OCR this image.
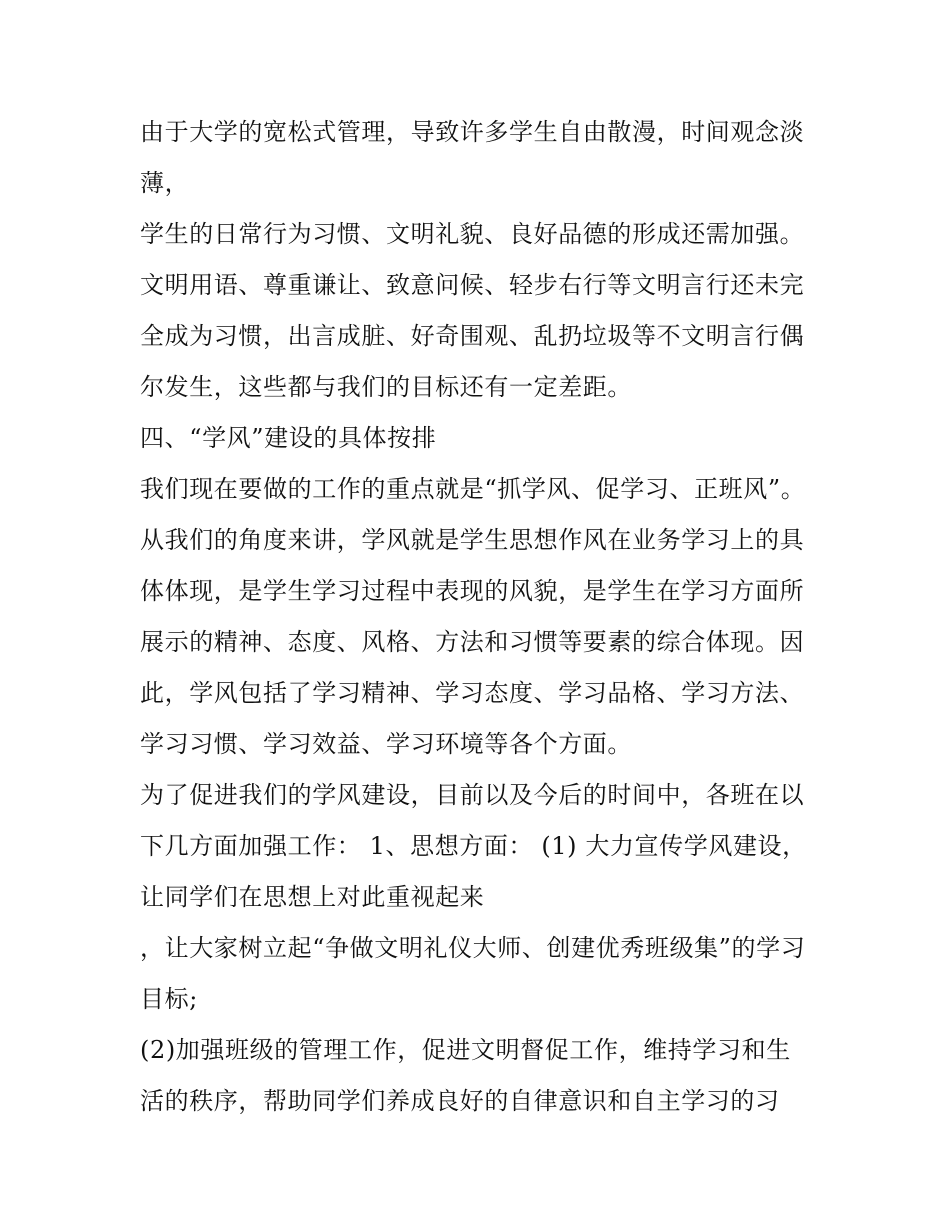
由于大学的宽松式管理，导致许多学生自由散漫，时间观念淡
薄，
学生的日常行为习惯、文明礼貌、良好品德的形成还需加强。
文明用语、尊重谦让、致意问候、轻步右行等文明言行还未完
全成为习惯，出言成脏、好奇围观、乱扔垃圾等不文明言行偶
尔发生，这些都与我们的目标还有一定差距。
四、“学风”建设的具体按排
我们现在要做的工作的重点就是“抓学风、促学习、正班风”。
从我们的角度来讲，学风就是学生思想作风在业务学习上的具
体体现，是学生学习过程中表现的风貌，是学生在学习方面所
展示的精神、态度、风格、方法和习惯等要素的综合体现。因
此，学风包括了学习精神、学习态度、学习品格、学习方法、
学习习惯、学习效益、学习环境等各个方面。
为了促进我们的学风建设，目前以及今后的时间中，各班在以
下几方面加强工作： 1、思想方面： (1) 大力宣传学风建设，
让同学们在思想上对此重视起来
，让大家树立起“争做文明礼仪大师、创建优秀班级集”的学习
目标;
(2)加强班级的管理工作，促进文明督促工作，维持学习和生
活的秩序，帮助同学们养成良好的自律意识和自主学习的习
